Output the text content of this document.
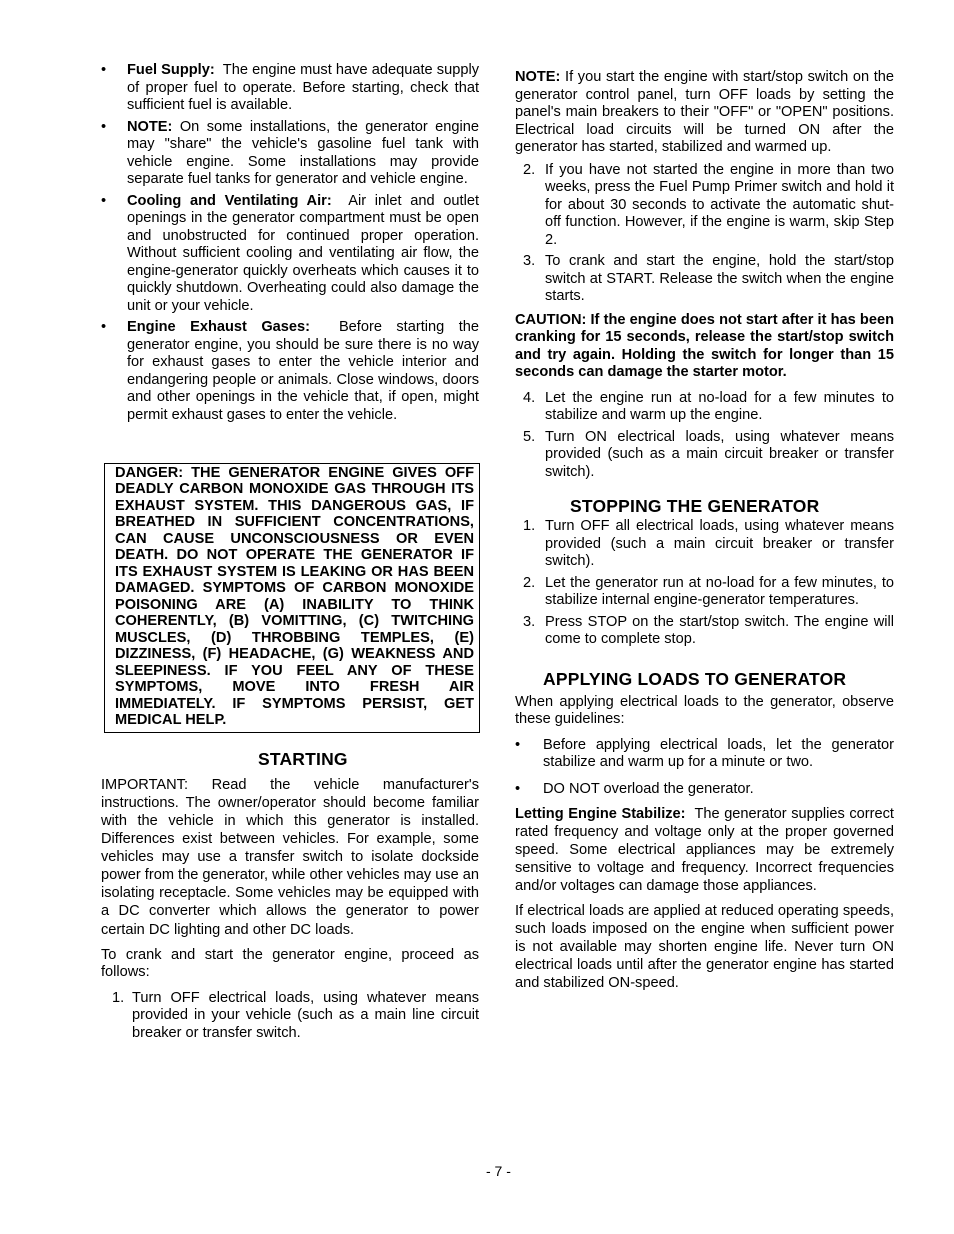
• Fuel Supply: The engine must have adequate supply of proper fuel to operate. Before starting, check that sufficient fuel is available.
• NOTE: On some installations, the generator engine may "share" the vehicle's gasoline fuel tank with vehicle engine. Some installations may provide separate fuel tanks for generator and vehicle engine.
• Cooling and Ventilating Air: Air inlet and outlet openings in the generator compartment must be open and unobstructed for continued proper operation. Without sufficient cooling and ventilating air flow, the engine-generator quickly overheats which causes it to quickly shutdown. Overheating could also damage the unit or your vehicle.
• Engine Exhaust Gases: Before starting the generator engine, you should be sure there is no way for exhaust gases to enter the vehicle interior and endangering people or animals. Close windows, doors and other openings in the vehicle that, if open, might permit exhaust gases to enter the vehicle.
DANGER: THE GENERATOR ENGINE GIVES OFF DEADLY CARBON MONOXIDE GAS THROUGH ITS EXHAUST SYSTEM. THIS DANGEROUS GAS, IF BREATHED IN SUFFICIENT CONCENTRATIONS, CAN CAUSE UNCONSCIOUSNESS OR EVEN DEATH. DO NOT OPERATE THE GENERATOR IF ITS EXHAUST SYSTEM IS LEAKING OR HAS BEEN DAMAGED. SYMPTOMS OF CARBON MONOXIDE POISONING ARE (A) INABILITY TO THINK COHERENTLY, (B) VOMITTING, (C) TWITCHING MUSCLES, (D) THROBBING TEMPLES, (E) DIZZINESS, (F) HEADACHE, (G) WEAKNESS AND SLEEPINESS. IF YOU FEEL ANY OF THESE SYMPTOMS, MOVE INTO FRESH AIR IMMEDIATELY. IF SYMPTOMS PERSIST, GET MEDICAL HELP.
STARTING

IMPORTANT: Read the vehicle manufacturer's instructions. The owner/operator should become familiar with the vehicle in which this generator is installed. Differences exist between vehicles. For example, some vehicles may use a transfer switch to isolate dockside power from the generator, while other vehicles may use an isolating receptacle. Some vehicles may be equipped with a DC converter which allows the generator to power certain DC lighting and other DC loads.

To crank and start the generator engine, proceed as follows:

1. Turn OFF electrical loads, using whatever means provided in your vehicle (such as a main line circuit breaker or transfer switch.

NOTE: If you start the engine with start/stop switch on the generator control panel, turn OFF loads by setting the panel's main breakers to their "OFF" or "OPEN" positions. Electrical load circuits will be turned ON after the generator has started, stabilized and warmed up.

2. If you have not started the engine in more than two weeks, press the Fuel Pump Primer switch and hold it for about 30 seconds to activate the automatic shut-off function. However, if the engine is warm, skip Step 2.
3. To crank and start the engine, hold the start/stop switch at START. Release the switch when the engine starts.

CAUTION: If the engine does not start after it has been cranking for 15 seconds, release the start/stop switch and try again. Holding the switch for longer than 15 seconds can damage the starter motor.

4. Let the engine run at no-load for a few minutes to stabilize and warm up the engine.
5. Turn ON electrical loads, using whatever means provided (such as a main circuit breaker or transfer switch).
STOPPING THE GENERATOR
1. Turn OFF all electrical loads, using whatever means provided (such a main circuit breaker or transfer switch).
2. Let the generator run at no-load for a few minutes, to stabilize internal engine-generator temperatures.
3. Press STOP on the start/stop switch. The engine will come to complete stop.
APPLYING LOADS TO GENERATOR

When applying electrical loads to the generator, observe these guidelines:

• Before applying electrical loads, let the generator stabilize and warm up for a minute or two.
• DO NOT overload the generator.

Letting Engine Stabilize: The generator supplies correct rated frequency and voltage only at the proper governed speed. Some electrical appliances may be extremely sensitive to voltage and frequency. Incorrect frequencies and/or voltages can damage those appliances.

If electrical loads are applied at reduced operating speeds, such loads imposed on the engine when sufficient power is not available may shorten engine life. Never turn ON electrical loads until after the generator engine has started and stabilized ON-speed.

- 7 -
